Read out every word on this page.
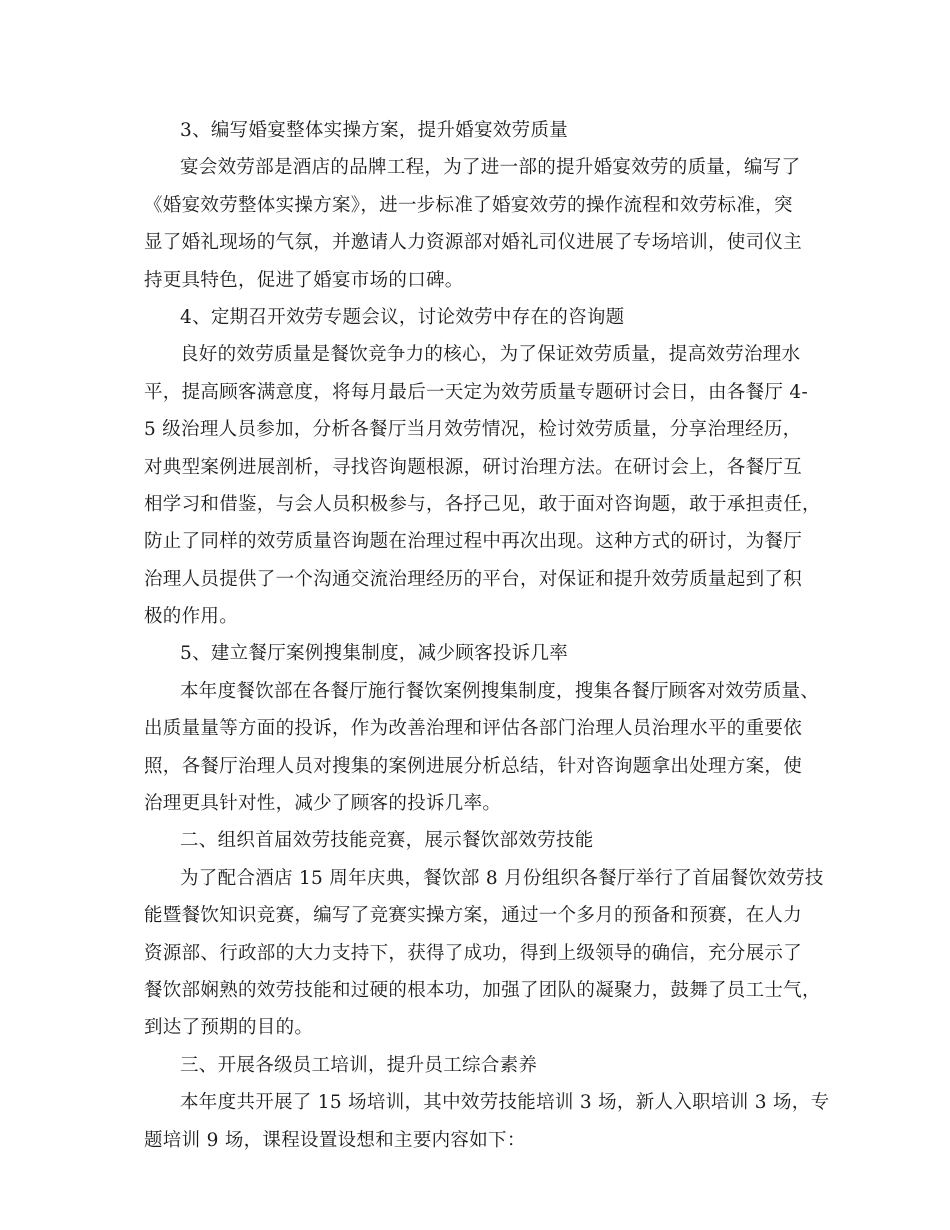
3、编写婚宴整体实操方案，提升婚宴效劳质量
宴会效劳部是酒店的品牌工程，为了进一部的提升婚宴效劳的质量，编写了
《婚宴效劳整体实操方案》，进一步标准了婚宴效劳的操作流程和效劳标准，突
显了婚礼现场的气氛，并邀请人力资源部对婚礼司仪进展了专场培训，使司仪主
持更具特色，促进了婚宴市场的口碑。
4、定期召开效劳专题会议，讨论效劳中存在的咨询题
良好的效劳质量是餐饮竞争力的核心，为了保证效劳质量，提高效劳治理水
平，提高顾客满意度，将每月最后一天定为效劳质量专题研讨会日，由各餐厅 4-
5 级治理人员参加，分析各餐厅当月效劳情况，检讨效劳质量，分享治理经历，
对典型案例进展剖析，寻找咨询题根源，研讨治理方法。在研讨会上，各餐厅互
相学习和借鉴，与会人员积极参与，各抒己见，敢于面对咨询题，敢于承担责任，
防止了同样的效劳质量咨询题在治理过程中再次出现。这种方式的研讨，为餐厅
治理人员提供了一个沟通交流治理经历的平台，对保证和提升效劳质量起到了积
极的作用。
5、建立餐厅案例搜集制度，减少顾客投诉几率
本年度餐饮部在各餐厅施行餐饮案例搜集制度，搜集各餐厅顾客对效劳质量、
出质量量等方面的投诉，作为改善治理和评估各部门治理人员治理水平的重要依
照，各餐厅治理人员对搜集的案例进展分析总结，针对咨询题拿出处理方案，使
治理更具针对性，减少了顾客的投诉几率。
二、组织首届效劳技能竞赛，展示餐饮部效劳技能
为了配合酒店 15 周年庆典，餐饮部 8 月份组织各餐厅举行了首届餐饮效劳技
能暨餐饮知识竞赛，编写了竞赛实操方案，通过一个多月的预备和预赛，在人力
资源部、行政部的大力支持下，获得了成功，得到上级领导的确信，充分展示了
餐饮部娴熟的效劳技能和过硬的根本功，加强了团队的凝聚力，鼓舞了员工士气，
到达了预期的目的。
三、开展各级员工培训，提升员工综合素养
本年度共开展了 15 场培训，其中效劳技能培训 3 场，新人入职培训 3 场，专
题培训 9 场，课程设置设想和主要内容如下：
